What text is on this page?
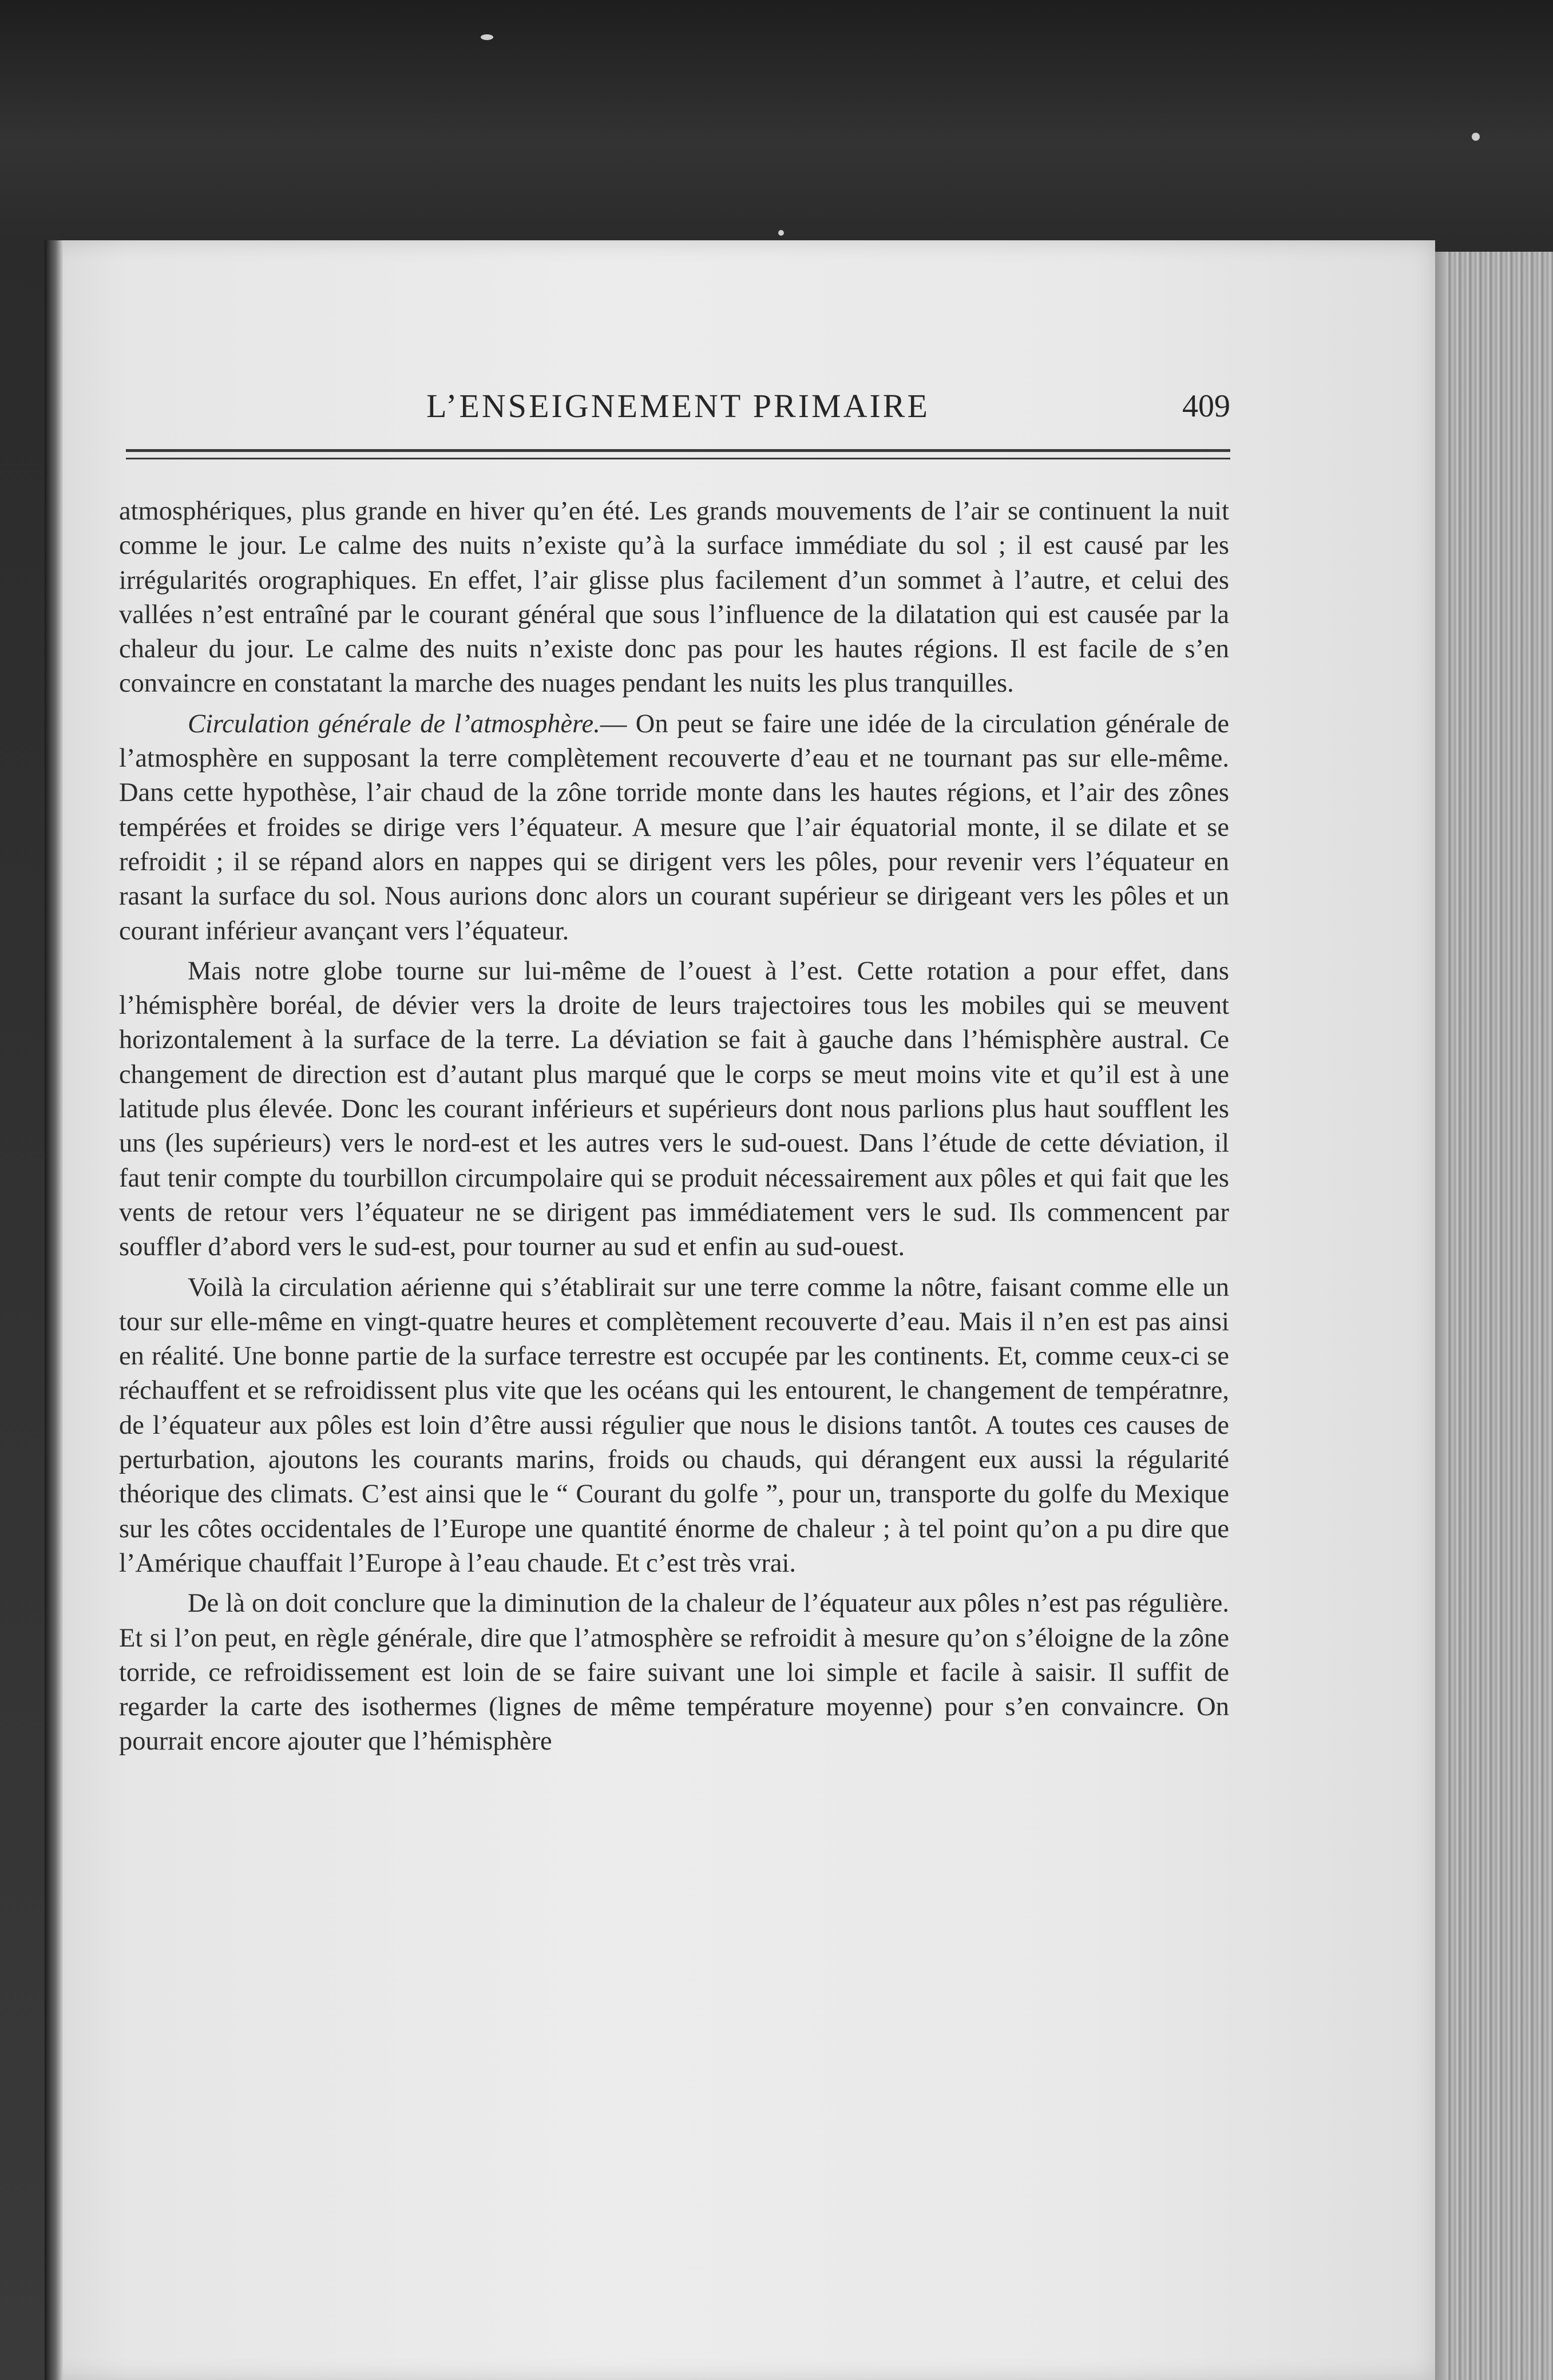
L’ENSEIGNEMENT PRIMAIRE	409

atmosphériques, plus grande en hiver qu’en été. Les grands mouvements de l’air se continuent la nuit comme le jour. Le calme des nuits n’existe qu’à la surface immédiate du sol ; il est causé par les irrégularités orographiques. En effet, l’air glisse plus facilement d’un sommet à l’autre, et celui des vallées n’est entraîné par le courant général que sous l’influence de la dilatation qui est causée par la chaleur du jour. Le calme des nuits n’existe donc pas pour les hautes régions. Il est facile de s’en convaincre en constatant la marche des nuages pendant les nuits les plus tranquilles.

Circulation générale de l’atmosphère.— On peut se faire une idée de la circulation générale de l’atmosphère en supposant la terre complètement recouverte d’eau et ne tournant pas sur elle-même. Dans cette hypothèse, l’air chaud de la zône torride monte dans les hautes régions, et l’air des zônes tempérées et froides se dirige vers l’équateur. A mesure que l’air équatorial monte, il se dilate et se refroidit ; il se répand alors en nappes qui se dirigent vers les pôles, pour revenir vers l’équateur en rasant la surface du sol. Nous aurions donc alors un courant supérieur se dirigeant vers les pôles et un courant inférieur avançant vers l’équateur.

Mais notre globe tourne sur lui-même de l’ouest à l’est. Cette rotation a pour effet, dans l’hémisphère boréal, de dévier vers la droite de leurs trajectoires tous les mobiles qui se meuvent horizontalement à la surface de la terre. La déviation se fait à gauche dans l’hémisphère austral. Ce changement de direction est d’autant plus marqué que le corps se meut moins vite et qu’il est à une latitude plus élevée. Donc les courant inférieurs et supérieurs dont nous parlions plus haut soufflent les uns (les supérieurs) vers le nord-est et les autres vers le sud-ouest. Dans l’étude de cette déviation, il faut tenir compte du tourbillon circumpolaire qui se produit nécessairement aux pôles et qui fait que les vents de retour vers l’équateur ne se dirigent pas immédiatement vers le sud. Ils commencent par souffler d’abord vers le sud-est, pour tourner au sud et enfin au sud-ouest.

Voilà la circulation aérienne qui s’établirait sur une terre comme la nôtre, faisant comme elle un tour sur elle-même en vingt-quatre heures et complètement recouverte d’eau. Mais il n’en est pas ainsi en réalité. Une bonne partie de la surface terrestre est occupée par les continents. Et, comme ceux-ci se réchauffent et se refroidissent plus vite que les océans qui les entourent, le changement de températnre, de l’équateur aux pôles est loin d’être aussi régulier que nous le disions tantôt. A toutes ces causes de perturbation, ajoutons les courants marins, froids ou chauds, qui dérangent eux aussi la régularité théorique des climats. C’est ainsi que le “ Courant du golfe ”, pour un, transporte du golfe du Mexique sur les côtes occidentales de l’Europe une quantité énorme de chaleur ; à tel point qu’on a pu dire que l’Amérique chauffait l’Europe à l’eau chaude. Et c’est très vrai.

De là on doit conclure que la diminution de la chaleur de l’équateur aux pôles n’est pas régulière. Et si l’on peut, en règle générale, dire que l’atmosphère se refroidit à mesure qu’on s’éloigne de la zône torride, ce refroidissement est loin de se faire suivant une loi simple et facile à saisir. Il suffit de regarder la carte des isothermes (lignes de même température moyenne) pour s’en convaincre. On pourrait encore ajouter que l’hémisphère
